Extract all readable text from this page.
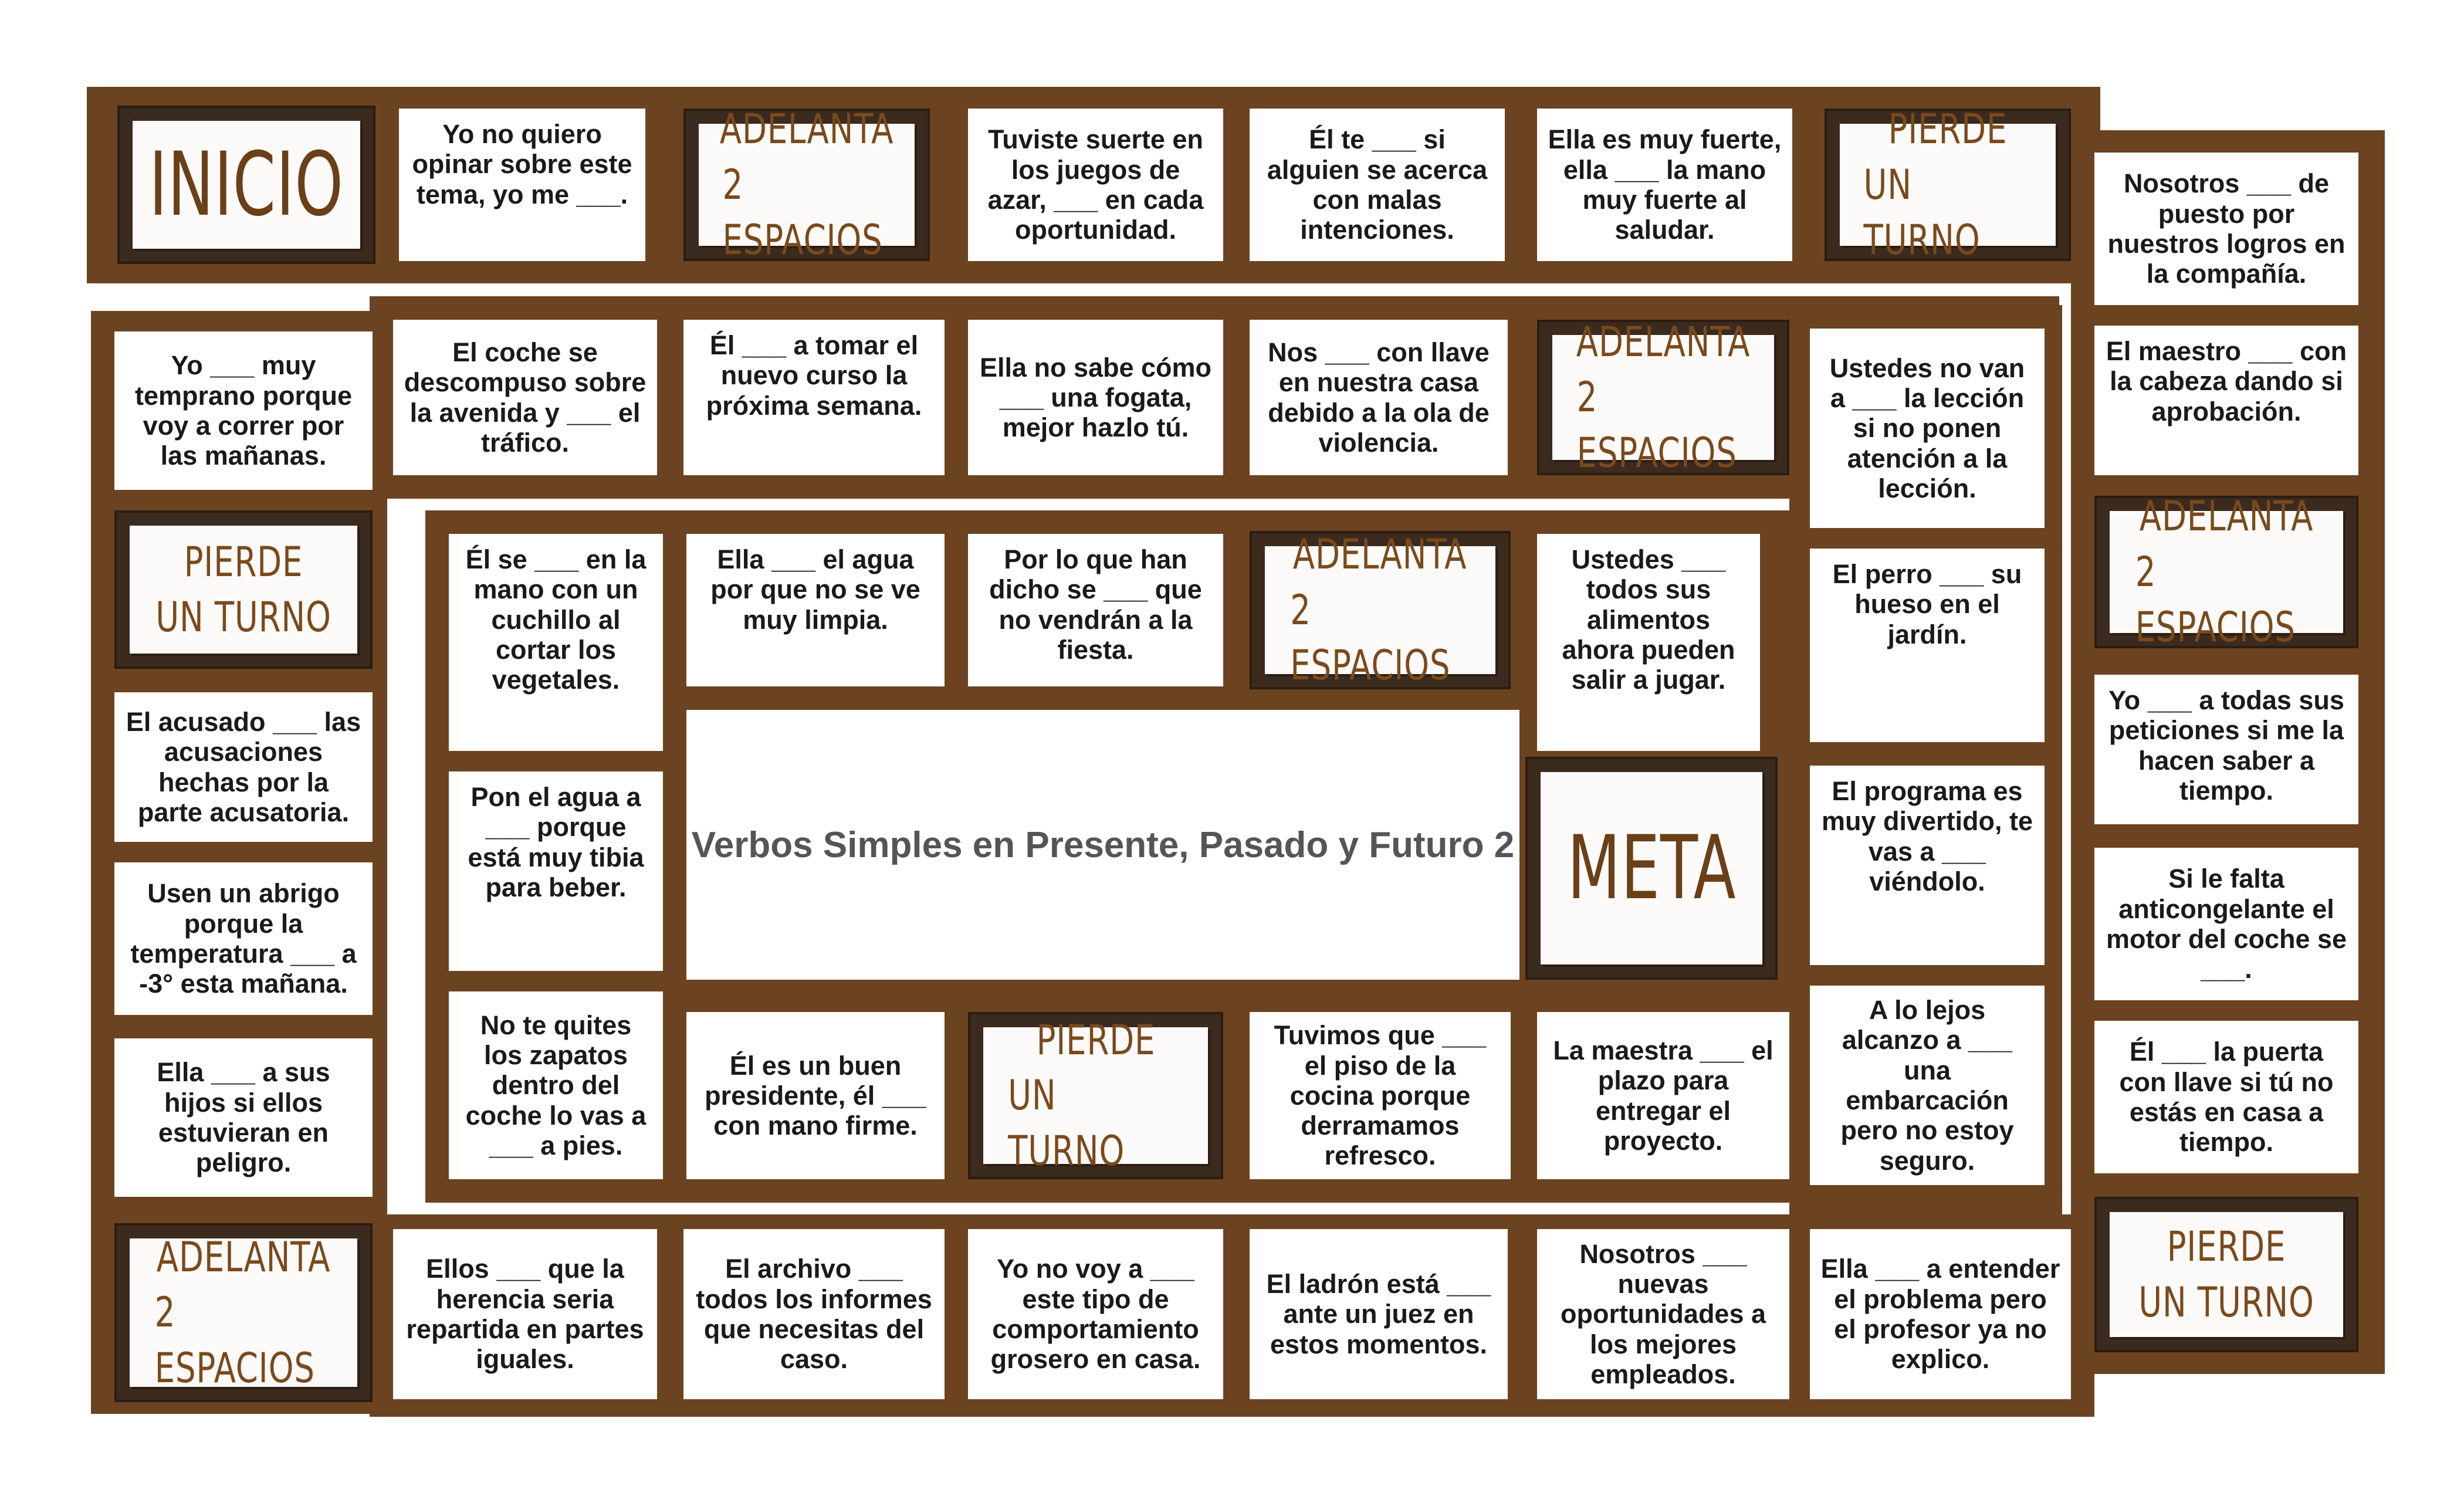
Verbos Simples en Presente, Pasado y Futuro 2
INICIO	Yo no quiero opinar sobre este tema, yo me ___.
ADELANTA
2 ESPACIOS
Tuviste suerte en los juegos de azar, ___ en cada oportunidad.
Él te ___ si alguien se acerca con malas intenciones.
Ella es muy fuerte, ella ___ la mano muy fuerte al saludar.
PIERDE
UN TURNO
Nosotros ___ de puesto por nuestros logros en la compañía.
El maestro ___ con la cabeza dando si aprobación.
ADELANTA
2 ESPACIOS
Yo ___ a todas sus peticiones si me la hacen saber a tiempo.
Si le falta anticongelante el motor del coche se ___.
Él ___ la puerta con llave si tú no estás en casa a tiempo.
PIERDE
UN TURNO
Ella ___ a entender el problema pero el profesor ya no explico.
Nosotros ___ nuevas oportunidades a los mejores empleados.
El ladrón está ___ ante un juez en estos momentos.
Yo no voy a ___ este tipo de comportamiento grosero en casa.
El archivo ___ todos los informes que necesitas del caso.
Ellos ___ que la herencia seria repartida en partes iguales.
ADELANTA
2 ESPACIOS
Ella ___ a sus hijos si ellos estuvieran en peligro.
Usen un abrigo porque la temperatura ___ a -3° esta mañana.
El acusado ___ las acusaciones hechas por la parte acusatoria.
PIERDE
UN TURNO
Yo ___ muy temprano porque voy a correr por las mañanas.
El coche se descompuso sobre la avenida y ___ el tráfico.
Él ___ a tomar el nuevo curso la próxima semana.
Ella no sabe cómo ___ una fogata, mejor hazlo tú.
Nos ___ con llave en nuestra casa debido a la ola de violencia.
ADELANTA
2 ESPACIOS
Ustedes no van a ___ la lección si no ponen atención a la lección.
El perro ___ su hueso en el jardín.
El programa es muy divertido, te vas a ___ viéndolo.
A lo lejos alcanzo a ___ una embarcación pero no estoy seguro.
La maestra ___ el plazo para entregar el proyecto.
Tuvimos que ___ el piso de la cocina porque derramamos refresco.
PIERDE
UN TURNO
Él es un buen presidente, él ___ con mano firme.
No te quites los zapatos dentro del coche lo vas a ___ a pies.
Pon el agua a ___ porque está muy tibia para beber.
Él se ___ en la mano con un cuchillo al cortar los vegetales.
Ella ___ el agua por que no se ve muy limpia.
Por lo que han dicho se ___ que no vendrán a la fiesta.
ADELANTA
2 ESPACIOS
Ustedes ___ todos sus alimentos ahora pueden salir a jugar.
META
